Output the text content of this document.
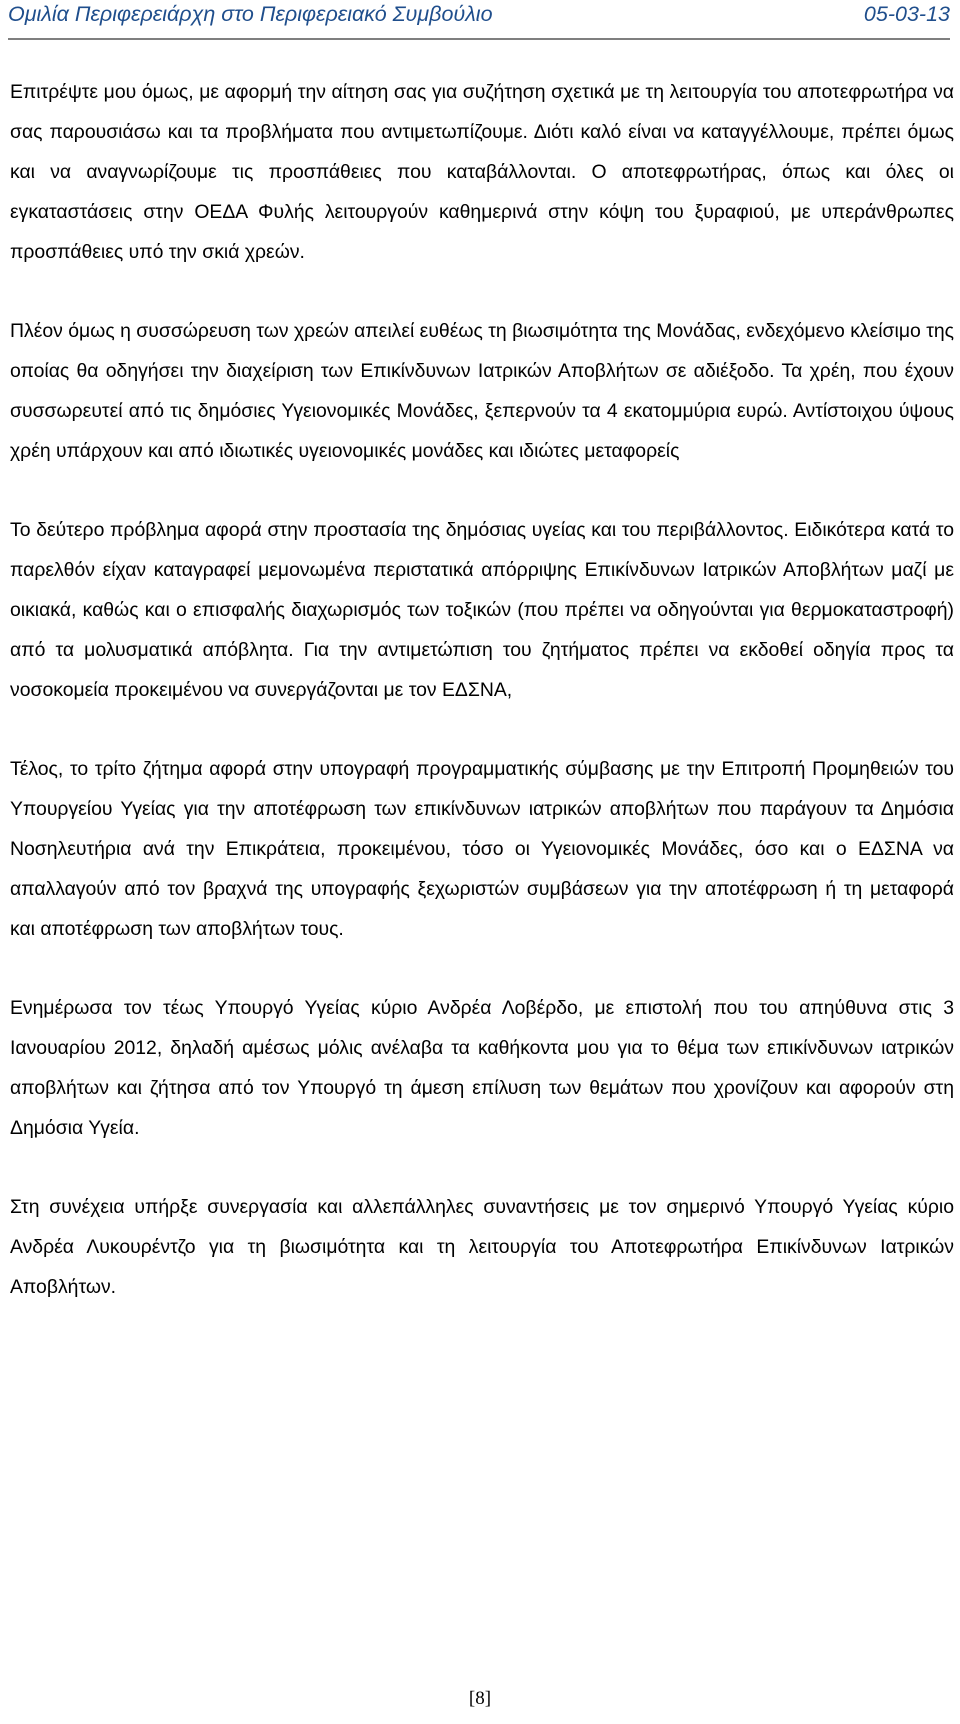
Ομιλία Περιφερειάρχη στο Περιφερειακό Συμβούλιο	05-03-13

Επιτρέψτε μου όμως, με αφορμή την αίτηση σας για συζήτηση σχετικά με τη λειτουργία του αποτεφρωτήρα να σας παρουσιάσω και τα προβλήματα που αντιμετωπίζουμε. Διότι καλό είναι να καταγγέλλουμε, πρέπει όμως και να αναγνωρίζουμε τις προσπάθειες που καταβάλλονται. Ο αποτεφρωτήρας, όπως και όλες οι εγκαταστάσεις στην ΟΕΔΑ Φυλής λειτουργούν καθημερινά στην κόψη του ξυραφιού, με υπεράνθρωπες προσπάθειες υπό την σκιά χρεών.

Πλέον όμως η συσσώρευση των χρεών απειλεί ευθέως τη βιωσιμότητα της Μονάδας, ενδεχόμενο κλείσιμο της οποίας θα οδηγήσει την διαχείριση των Επικίνδυνων Ιατρικών Αποβλήτων σε αδιέξοδο. Τα χρέη, που έχουν συσσωρευτεί από τις δημόσιες Υγειονομικές Μονάδες, ξεπερνούν τα 4 εκατομμύρια ευρώ. Αντίστοιχου ύψους χρέη υπάρχουν και από ιδιωτικές υγειονομικές μονάδες και ιδιώτες μεταφορείς

Το δεύτερο πρόβλημα αφορά στην προστασία της δημόσιας υγείας και του περιβάλλοντος. Ειδικότερα κατά το παρελθόν είχαν καταγραφεί μεμονωμένα περιστατικά απόρριψης Επικίνδυνων Ιατρικών Αποβλήτων μαζί με οικιακά, καθώς και ο επισφαλής διαχωρισμός των τοξικών (που πρέπει να οδηγούνται για θερμοκαταστροφή) από τα μολυσματικά απόβλητα. Για την αντιμετώπιση του ζητήματος πρέπει να εκδοθεί οδηγία προς τα νοσοκομεία προκειμένου να συνεργάζονται με τον ΕΔΣΝΑ,

Τέλος, το τρίτο ζήτημα αφορά στην υπογραφή προγραμματικής σύμβασης με την Επιτροπή Προμηθειών του Υπουργείου Υγείας για την αποτέφρωση των επικίνδυνων ιατρικών αποβλήτων που παράγουν τα Δημόσια Νοσηλευτήρια ανά την Επικράτεια, προκειμένου, τόσο οι Υγειονομικές Μονάδες, όσο και ο ΕΔΣΝΑ να απαλλαγούν από τον βραχνά της υπογραφής ξεχωριστών συμβάσεων για την αποτέφρωση ή τη μεταφορά και αποτέφρωση των αποβλήτων τους.

Ενημέρωσα τον τέως Υπουργό Υγείας κύριο Ανδρέα Λοβέρδο, με επιστολή που του απηύθυνα στις 3 Ιανουαρίου 2012, δηλαδή αμέσως μόλις ανέλαβα τα καθήκοντα μου για το θέμα των επικίνδυνων ιατρικών αποβλήτων και ζήτησα από τον Υπουργό τη άμεση επίλυση των θεμάτων που χρονίζουν και αφορούν στη Δημόσια Υγεία.

Στη συνέχεια υπήρξε συνεργασία και αλλεπάλληλες συναντήσεις με τον σημερινό Υπουργό Υγείας κύριο Ανδρέα Λυκουρέντζο για τη βιωσιμότητα και τη λειτουργία του Αποτεφρωτήρα Επικίνδυνων Ιατρικών Αποβλήτων.

[8]
